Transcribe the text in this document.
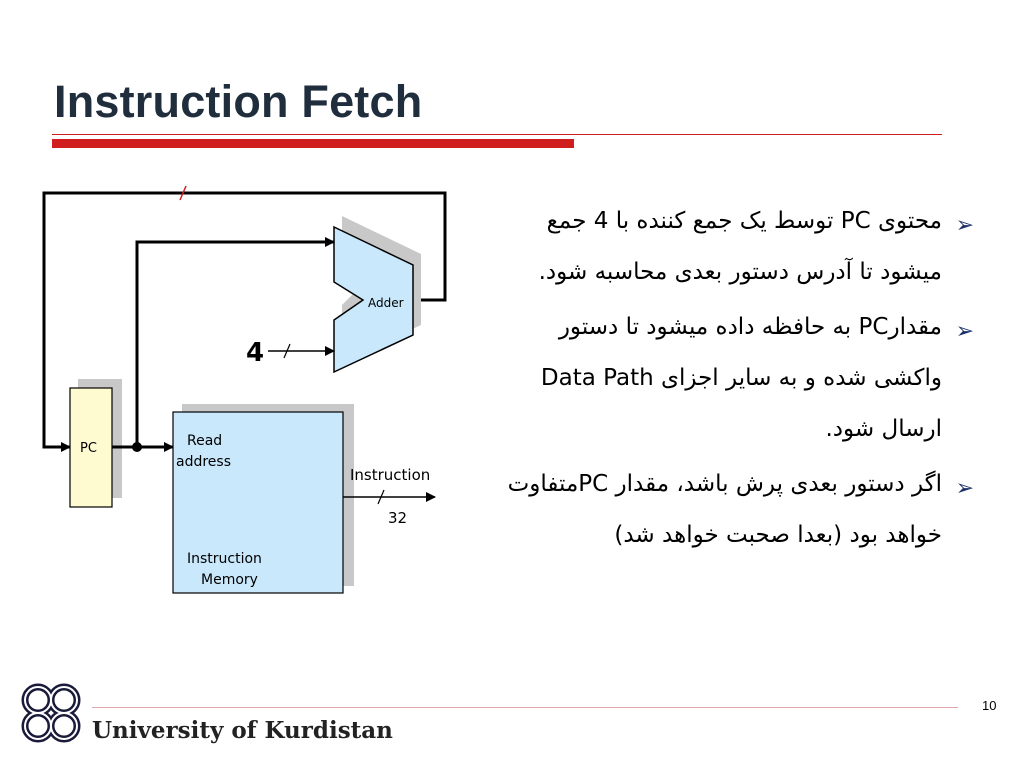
Instruction Fetch
Adder
4
PC	Read
address
Instruction
Memory
Instruction
32
➢
محتوی PC توسط یک جمع کننده با 4 جمع میشود تا آدرس دستور بعدی محاسبه شود.
➢
مقدارPC به حافظه داده میشود تا دستور واکشی شده و به سایر اجزای Data Path ارسال شود.
➢
اگر دستور بعدی پرش باشد، مقدار PCمتفاوت خواهد بود (بعدا صحبت خواهد شد)
10
University of Kurdistan
